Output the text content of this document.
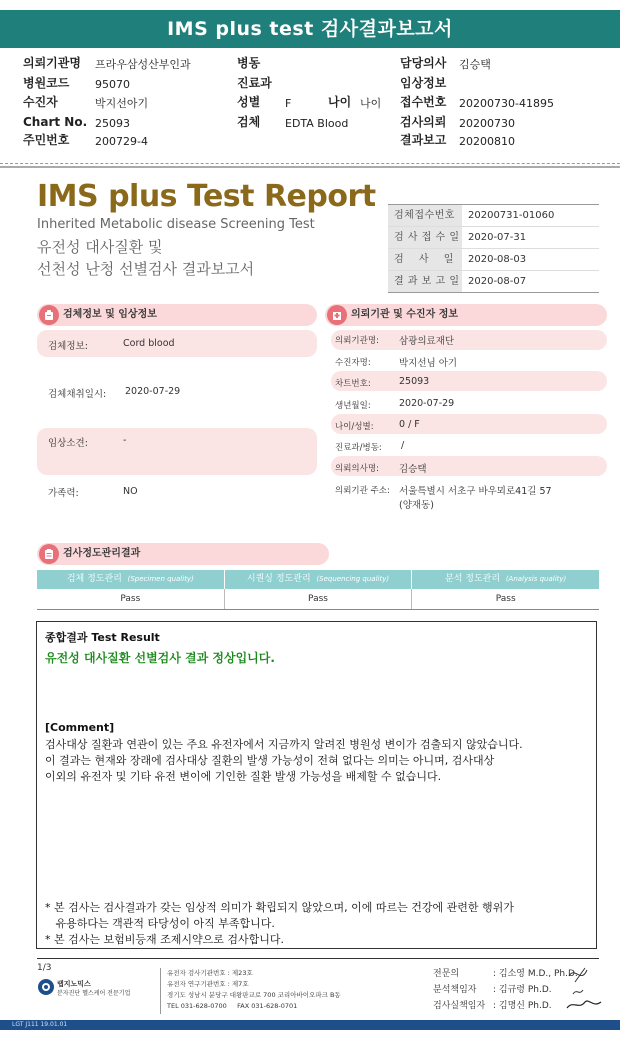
IMS plus test 검사결과보고서
의뢰기관명 프라우삼성산부인과
병원코드 95070
수진자	박지선아기
Chart No. 25093
주민번호 200729-4
병동
진료과
성별 F	나이 나이
검체 EDTA Blood
담당의사 김승택
임상정보
접수번호 20200730-41895
검사의뢰 20200730
결과보고 20200810
IMS plus Test Report
Inherited Metabolic disease Screening Test
유전성 대사질환 및
선천성 난청 선별검사 결과보고서
검체접수번호	20200731-01060
검 사 접 수 일 2020-07-31
검    사    일	2020-08-03
결 과 보 고 일 2020-08-07
검체정보 및 임상정보
검체정보:	Cord blood
검체채취일시: 2020-07-29
임상소견:	-
가족력:	NO
의뢰기관 및 수진자 정보
의뢰기관명: 삼광의료재단
수진자명:	박지선님 아기
차트번호:	25093
생년월일:	2020-07-29
나이/성별:	0 / F
진료과/병동: /
의뢰의사명: 김승택
의뢰기관 주소: 서울특별시 서초구 바우뫼로41길 57
(양재동)
검사정도관리결과
검체 정도관리 (Specimen quality)	시퀀싱 정도관리 (Sequencing quality)	분석 정도관리 (Analysis quality)
Pass	Pass	Pass
종합결과 Test Result
유전성 대사질환 선별검사 결과 정상입니다.
[Comment]
검사대상 질환과 연관이 있는 주요 유전자에서 지금까지 알려진 병원성 변이가 검출되지 않았습니다.
이 결과는 현재와 장래에 검사대상 질환의 발생 가능성이 전혀 없다는 의미는 아니며, 검사대상
이외의 유전자 및 기타 유전 변이에 기인한 질환 발생 가능성을 배제할 수 없습니다.
* 본 검사는 검사결과가 갖는 임상적 의미가 확립되지 않았으며, 이에 따르는 건강에 관련한 행위가
유용하다는 객관적 타당성이 아직 부족합니다.
* 본 검사는 보험비등재 조제시약으로 검사합니다.
1/3
랩지노믹스
분자진단 헬스케어 전문기업
유전자 검사기관번호 : 제23호
유전자 연구기관번호 : 제7호
경기도 성남시 분당구 대왕판교로 700 코리아바이오파크 B동
TEL 031-628-0700     FAX 031-628-0701
전문의	: 김소영 M.D., Ph.D.
분석책임자	: 김규령 Ph.D.
검사실책임자 : 김명신 Ph.D.
LGT J111 19.01.01
